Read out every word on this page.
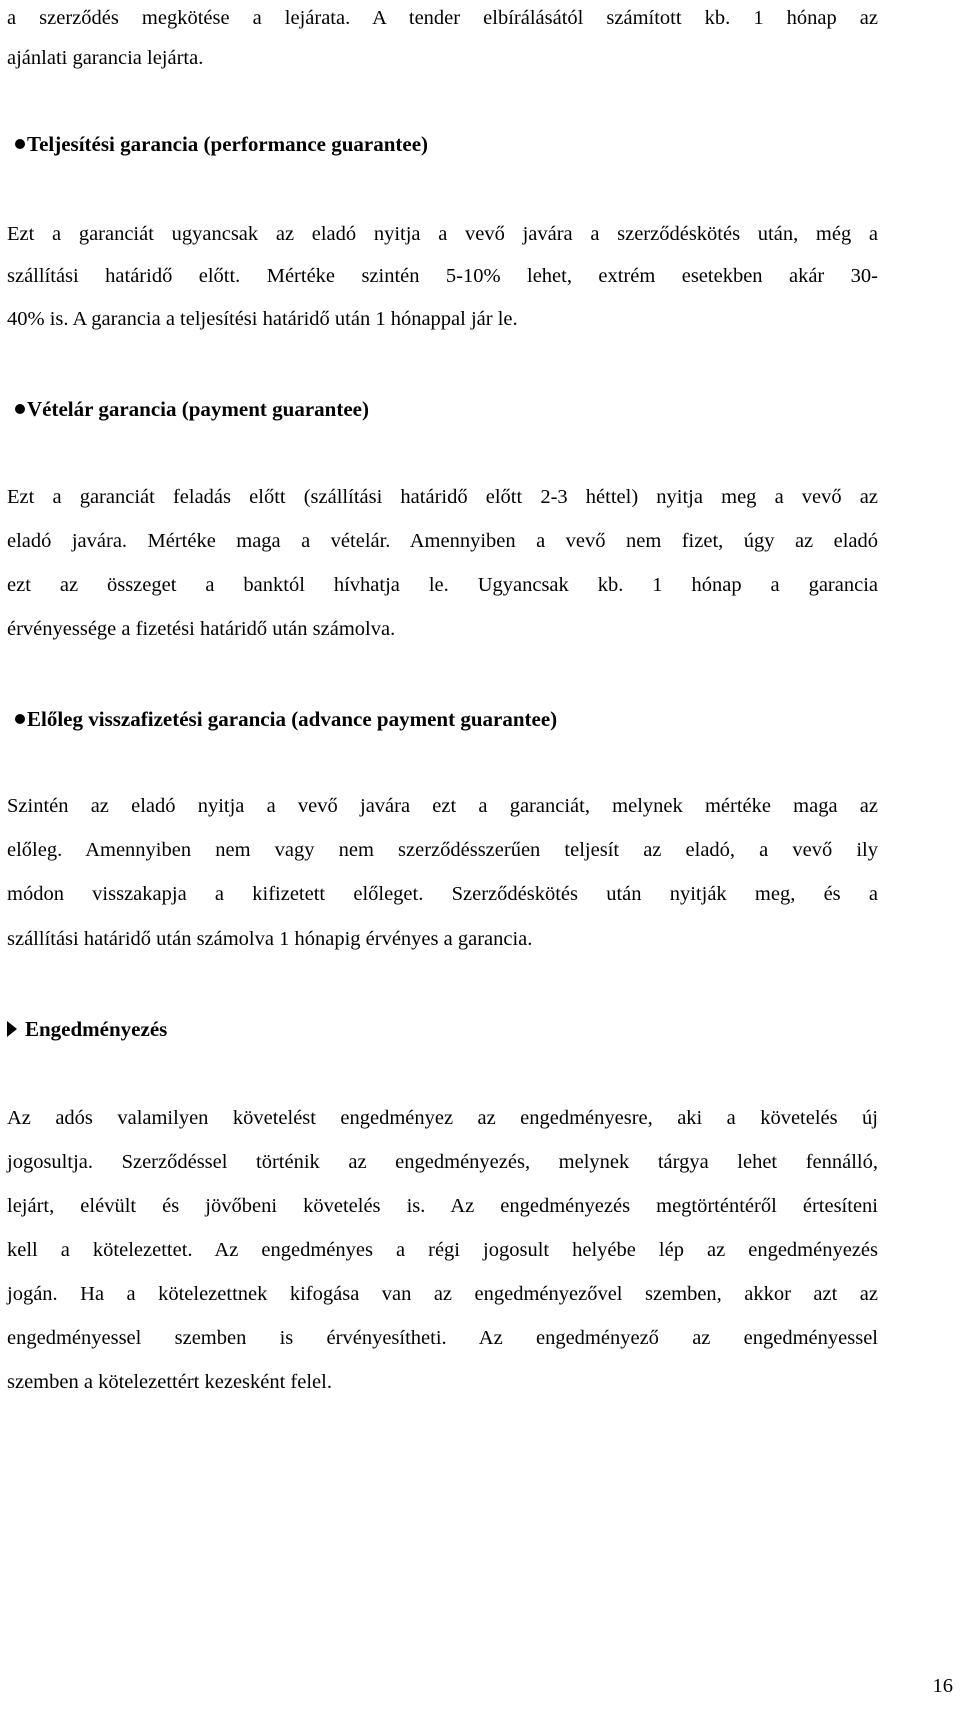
a szerződés megkötése a lejárata. A tender elbírálásától számított kb. 1 hónap az
ajánlati garancia lejárta.
Teljesítési garancia (performance guarantee)
Ezt a garanciát ugyancsak az eladó nyitja a vevő javára a szerződéskötés után, még a
szállítási határidő előtt. Mértéke szintén 5-10% lehet, extrém esetekben akár 30-
40% is. A garancia a teljesítési határidő után 1 hónappal jár le.
Vételár garancia (payment guarantee)
Ezt a garanciát feladás előtt (szállítási határidő előtt 2-3 héttel) nyitja meg a vevő az
eladó javára. Mértéke maga a vételár. Amennyiben a vevő nem fizet, úgy az eladó
ezt az összeget a banktól hívhatja le. Ugyancsak kb. 1 hónap a garancia
érvényessége a fizetési határidő után számolva.
Előleg visszafizetési garancia (advance payment guarantee)
Szintén az eladó nyitja a vevő javára ezt a garanciát, melynek mértéke maga az
előleg. Amennyiben nem vagy nem szerződésszerűen teljesít az eladó, a vevő ily
módon visszakapja a kifizetett előleget. Szerződéskötés után nyitják meg, és a
szállítási határidő után számolva 1 hónapig érvényes a garancia.
Engedményezés
Az adós valamilyen követelést engedményez az engedményesre, aki a követelés új
jogosultja. Szerződéssel történik az engedményezés, melynek tárgya lehet fennálló,
lejárt, elévült és jövőbeni követelés is. Az engedményezés megtörténtéről értesíteni
kell a kötelezettet. Az engedményes a régi jogosult helyébe lép az engedményezés
jogán. Ha a kötelezettnek kifogása van az engedményezővel szemben, akkor azt az
engedményessel szemben is érvényesítheti. Az engedményező az engedményessel
szemben a kötelezettért kezesként felel.
16
